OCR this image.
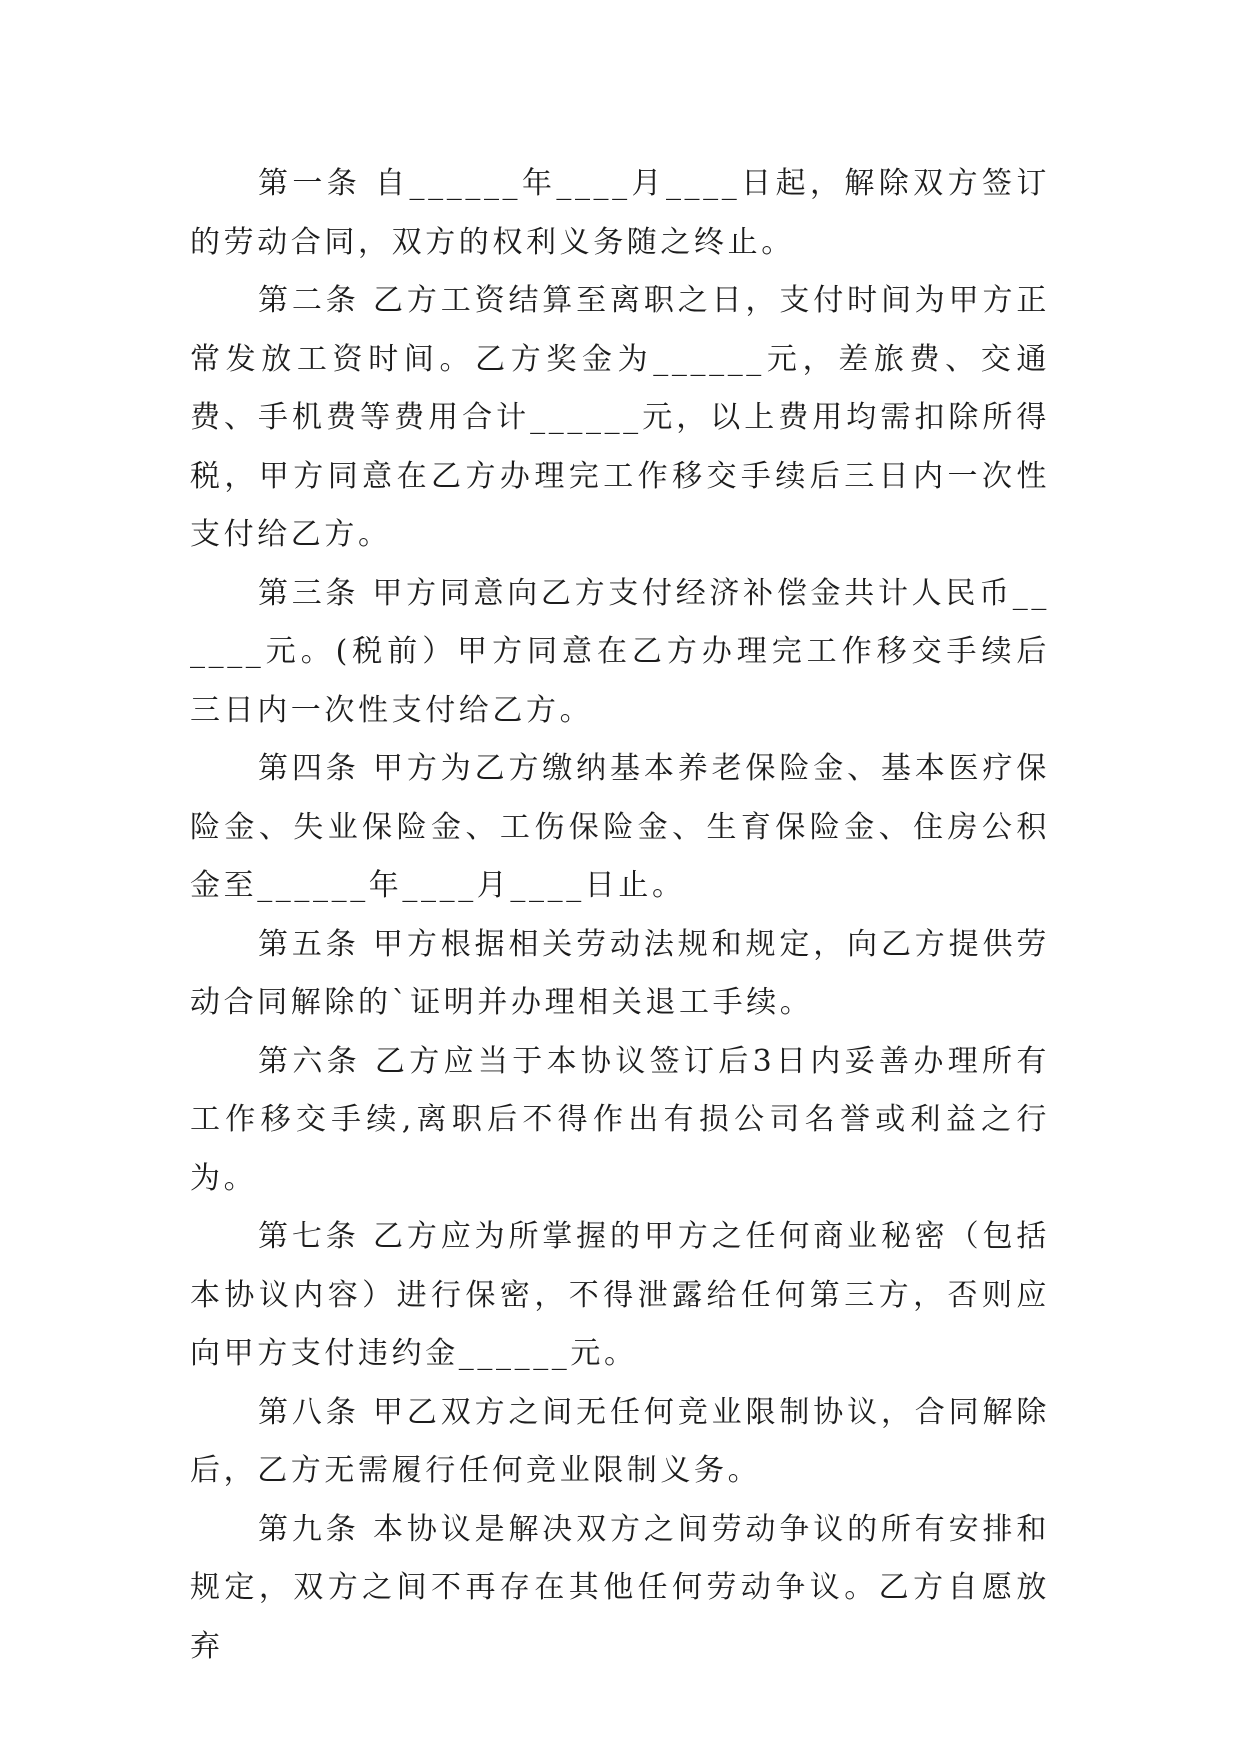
第一条 自______年____月____日起，解除双方签订的劳动合同，双方的权利义务随之终止。

第二条 乙方工资结算至离职之日，支付时间为甲方正常发放工资时间。乙方奖金为______元，差旅费、交通费、手机费等费用合计______元，以上费用均需扣除所得税，甲方同意在乙方办理完工作移交手续后三日内一次性支付给乙方。

第三条 甲方同意向乙方支付经济补偿金共计人民币______元。(税前）甲方同意在乙方办理完工作移交手续后三日内一次性支付给乙方。

第四条 甲方为乙方缴纳基本养老保险金、基本医疗保险金、失业保险金、工伤保险金、生育保险金、住房公积金至______年____月____日止。

第五条 甲方根据相关劳动法规和规定，向乙方提供劳动合同解除的`证明并办理相关退工手续。

第六条 乙方应当于本协议签订后3日内妥善办理所有工作移交手续,离职后不得作出有损公司名誉或利益之行为。

第七条 乙方应为所掌握的甲方之任何商业秘密（包括本协议内容）进行保密，不得泄露给任何第三方，否则应向甲方支付违约金______元。

第八条 甲乙双方之间无任何竞业限制协议，合同解除后，乙方无需履行任何竞业限制义务。

第九条 本协议是解决双方之间劳动争议的所有安排和规定，双方之间不再存在其他任何劳动争议。乙方自愿放弃
